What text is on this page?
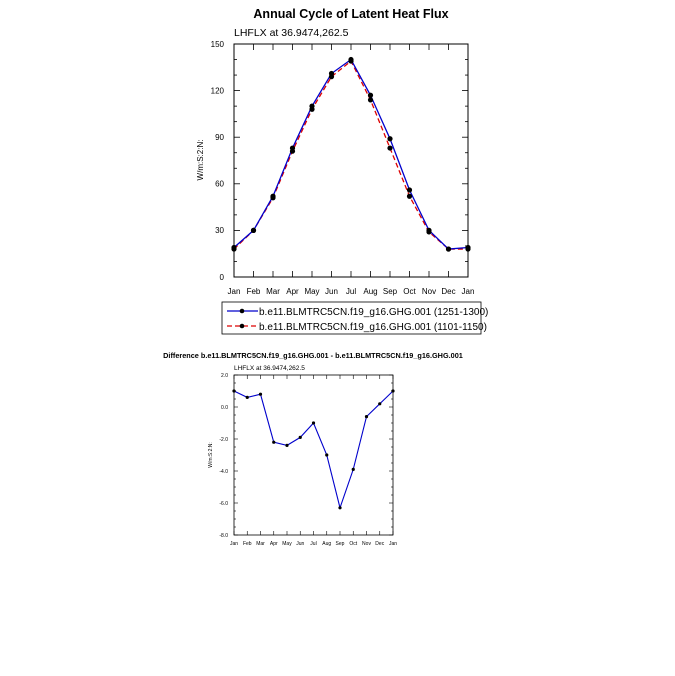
Annual Cycle of Latent Heat Flux
LHFLX at 36.9474,262.5
W/m:S:2:N:
Jan Feb Mar Apr May Jun Jul Aug Sep Oct Nov Dec Jan
0
30
60
90
120
150
b.e11.BLMTRC5CN.f19_g16.GHG.001 (1251-1300)
b.e11.BLMTRC5CN.f19_g16.GHG.001 (1101-1150)
Difference b.e11.BLMTRC5CN.f19_g16.GHG.001 - b.e11.BLMTRC5CN.f19_g16.GHG.001
LHFLX at 36.9474,262.5
W/m:S:2:N:
Jan Feb Mar Apr May Jun Jul Aug Sep Oct Nov Dec Jan
-8.0
-6.0
-4.0
-2.0
0.0
2.0
